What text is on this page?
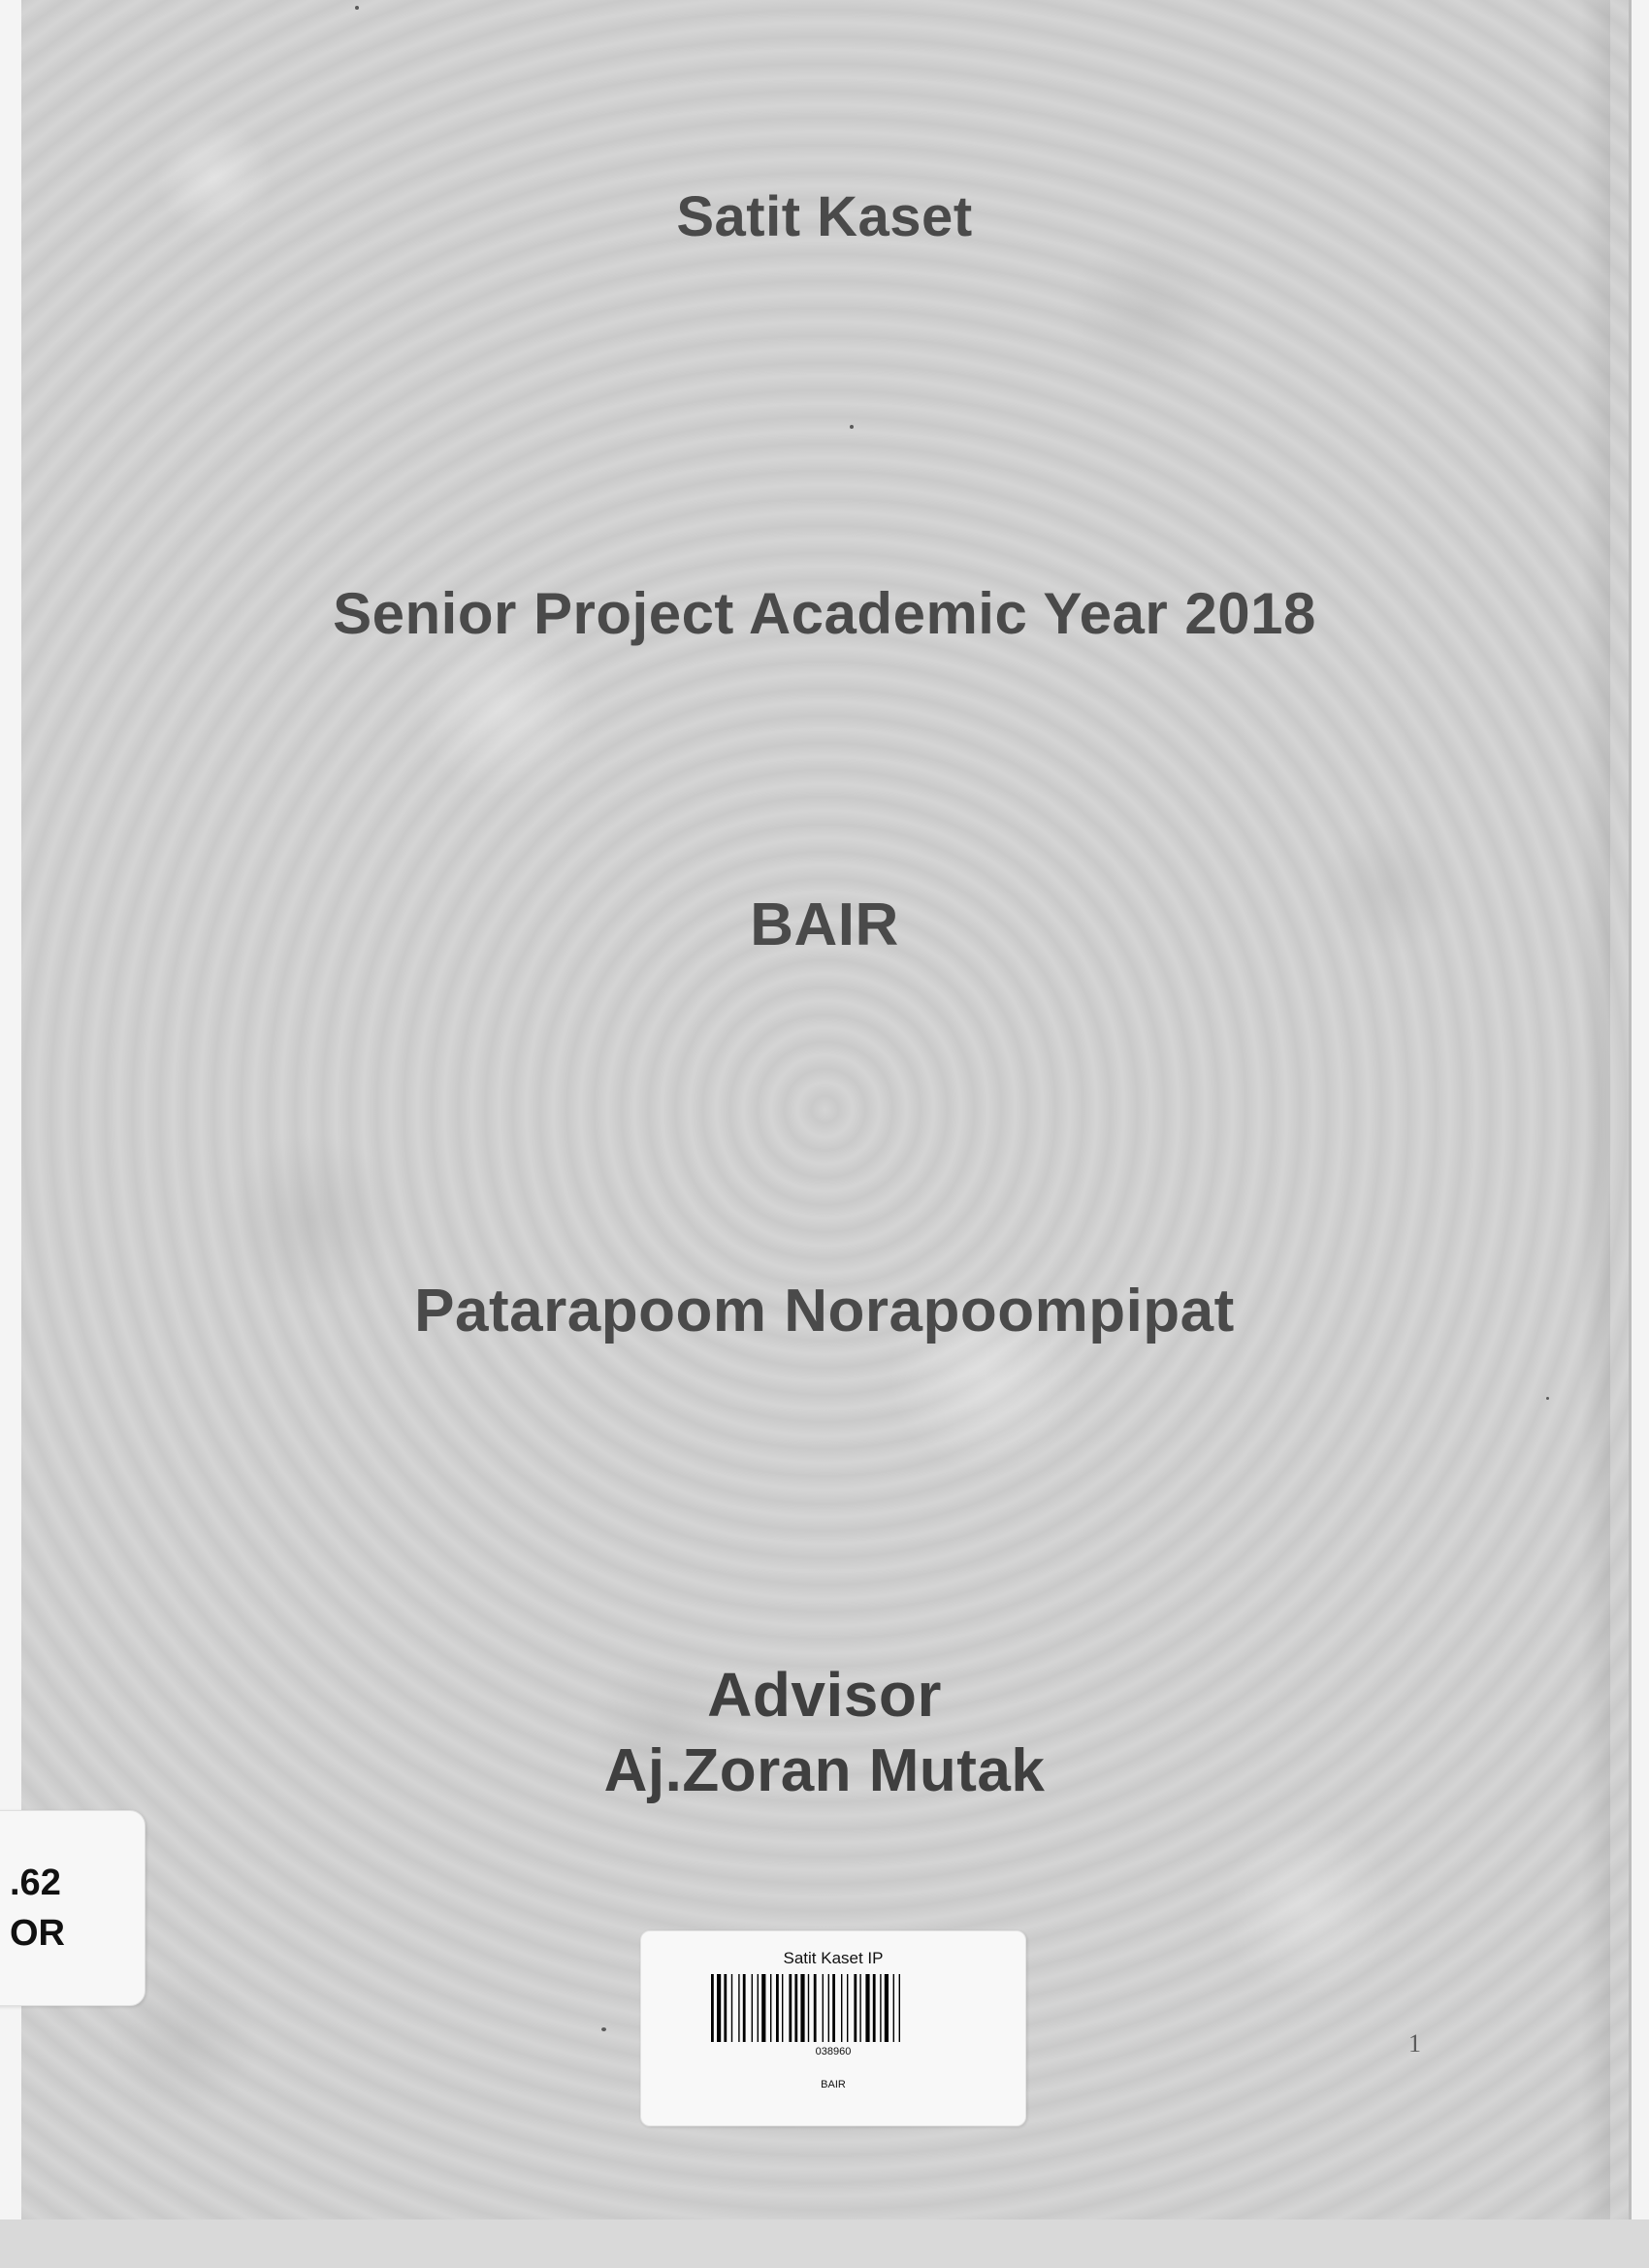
Satit Kaset
Senior Project Academic Year 2018
BAIR
Patarapoom Norapoompipat
Advisor
Aj.Zoran Mutak
.62
OR
Satit Kaset IP
038960
BAIR
1
